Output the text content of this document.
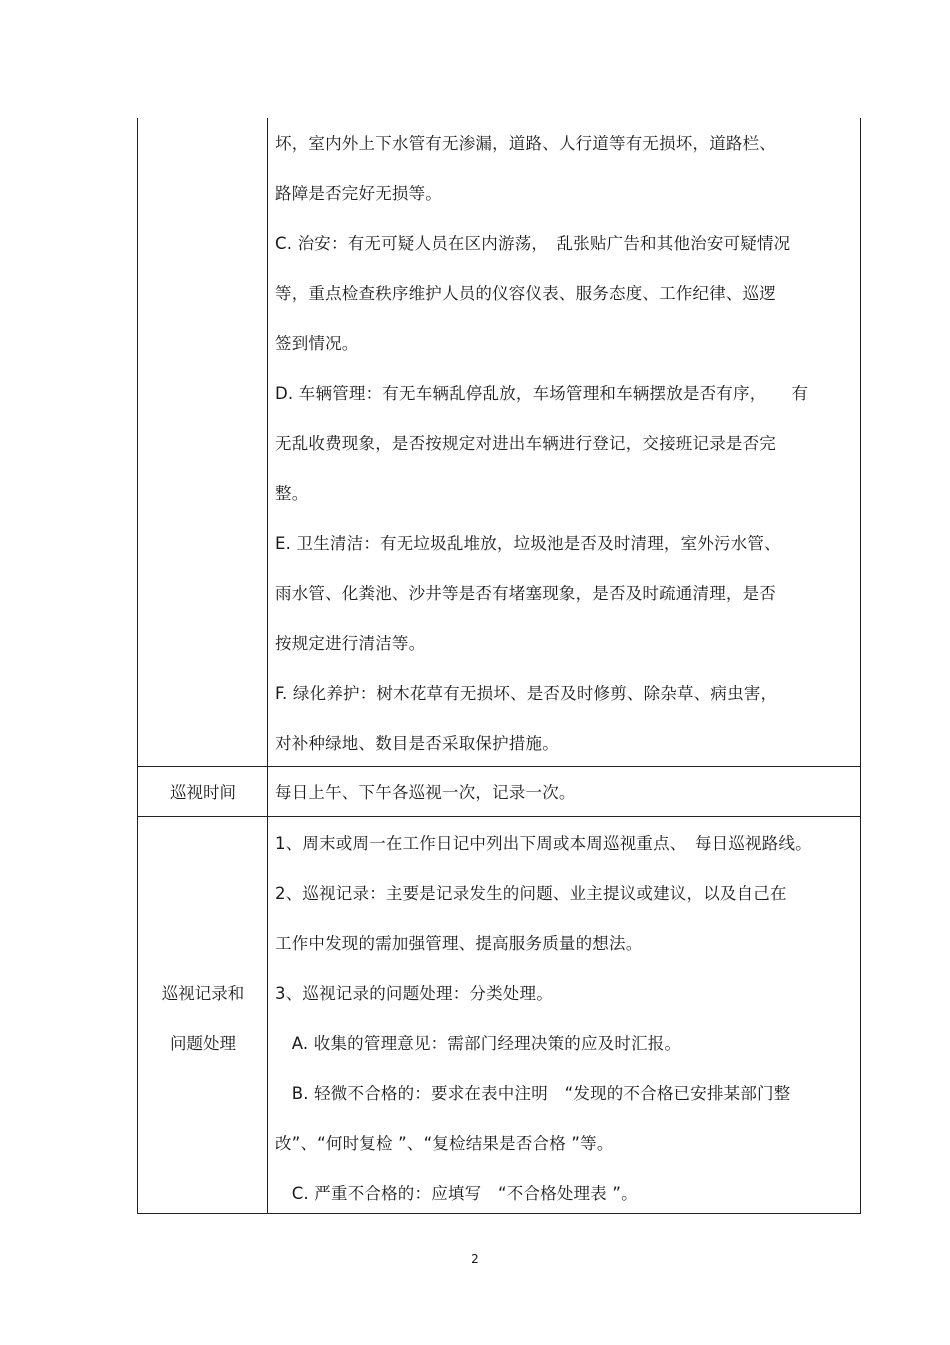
坏，室内外上下水管有无渗漏，道路、人行道等有无损坏，道路栏、
路障是否完好无损等。
C. 治安：有无可疑人员在区内游荡，　乱张贴广告和其他治安可疑情况
等，重点检查秩序维护人员的仪容仪表、服务态度、工作纪律、巡逻
签到情况。
D. 车辆管理：有无车辆乱停乱放，车场管理和车辆摆放是否有序，　　有
无乱收费现象，是否按规定对进出车辆进行登记，交接班记录是否完
整。
E. 卫生清洁：有无垃圾乱堆放，垃圾池是否及时清理，室外污水管、
雨水管、化粪池、沙井等是否有堵塞现象，是否及时疏通清理，是否
按规定进行清洁等。
F. 绿化养护：树木花草有无损坏、是否及时修剪、除杂草、病虫害，
对补种绿地、数目是否采取保护措施。
巡视时间	每日上午、下午各巡视一次，记录一次。
巡视记录和
问题处理
1、周末或周一在工作日记中列出下周或本周巡视重点、　每日巡视路线。
2、巡视记录：主要是记录发生的问题、业主提议或建议，以及自己在
工作中发现的需加强管理、提高服务质量的想法。
3、巡视记录的问题处理：分类处理。
　A. 收集的管理意见：需部门经理决策的应及时汇报。
　B. 轻微不合格的：要求在表中注明　“发现的不合格已安排某部门整
改”、“何时复检 ”、“复检结果是否合格 ”等。
　C. 严重不合格的：应填写　“不合格处理表 ”。
2
